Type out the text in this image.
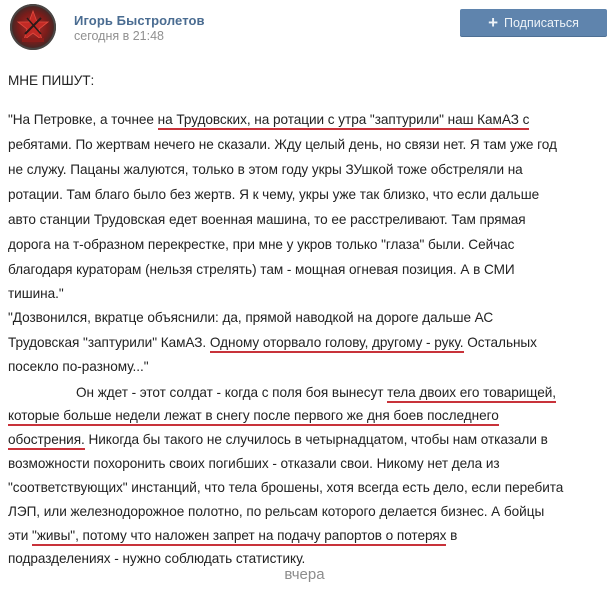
Игорь Быстролетов
сегодня в 21:48
+ Подписаться
МНЕ ПИШУТ:
"На Петровке, а точнее на Трудовских, на ротации с утра "заптурили" наш КамАЗ с
ребятами. По жертвам нечего не сказали. Жду целый день, но связи нет. Я там уже год
не служу. Пацаны жалуются, только в этом году укры ЗУшкой тоже обстреляли на
ротации. Там благо было без жертв. Я к чему, укры уже так близко, что если дальше
авто станции Трудовская едет военная машина, то ее расстреливают. Там прямая
дорога на т-образном перекрестке, при мне у укров только "глаза" были. Сейчас
благодаря кураторам (нельзя стрелять) там - мощная огневая позиция. А в СМИ
тишина."
"Дозвонился, вкратце объяснили: да, прямой наводкой на дороге дальше АС
Трудовская "заптурили" КамАЗ. Одному оторвало голову, другому - руку. Остальных
посекло по-разному..."
Он ждет - этот солдат - когда с поля боя вынесут тела двоих его товарищей,
которые больше недели лежат в снегу после первого же дня боев последнего
обострения. Никогда бы такого не случилось в четырнадцатом, чтобы нам отказали в
возможности похоронить своих погибших - отказали свои. Никому нет дела из
"соответствующих" инстанций, что тела брошены, хотя всегда есть дело, если перебита
ЛЭП, или железнодорожное полотно, по рельсам которого делается бизнес. А бойцы
эти "живы", потому что наложен запрет на подачу рапортов о потерях в
подразделениях - нужно соблюдать статистику.
вчера
